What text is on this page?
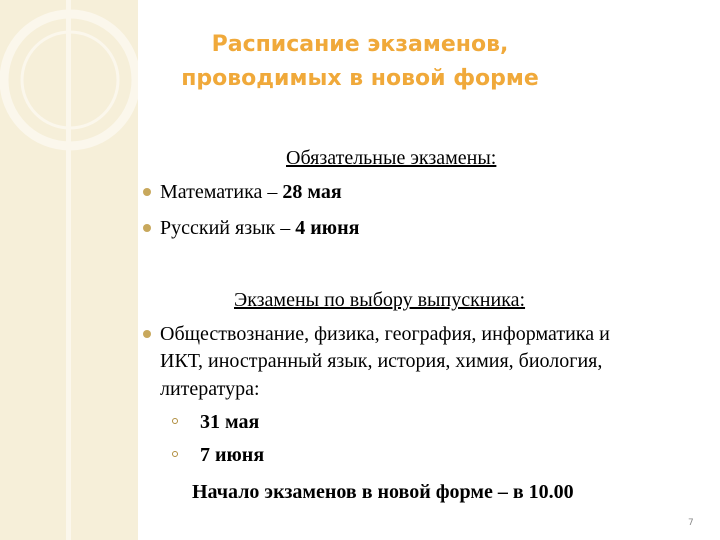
Расписание экзаменов,
проводимых в новой форме
Обязательные экзамены:
Математика – 28 мая
Русский язык – 4 июня
Экзамены по выбору выпускника:
Обществознание, физика, география, информатика и
ИКТ, иностранный язык, история, химия, биология,
литература:
31 мая
7 июня
Начало экзаменов в новой форме – в 10.00
7
